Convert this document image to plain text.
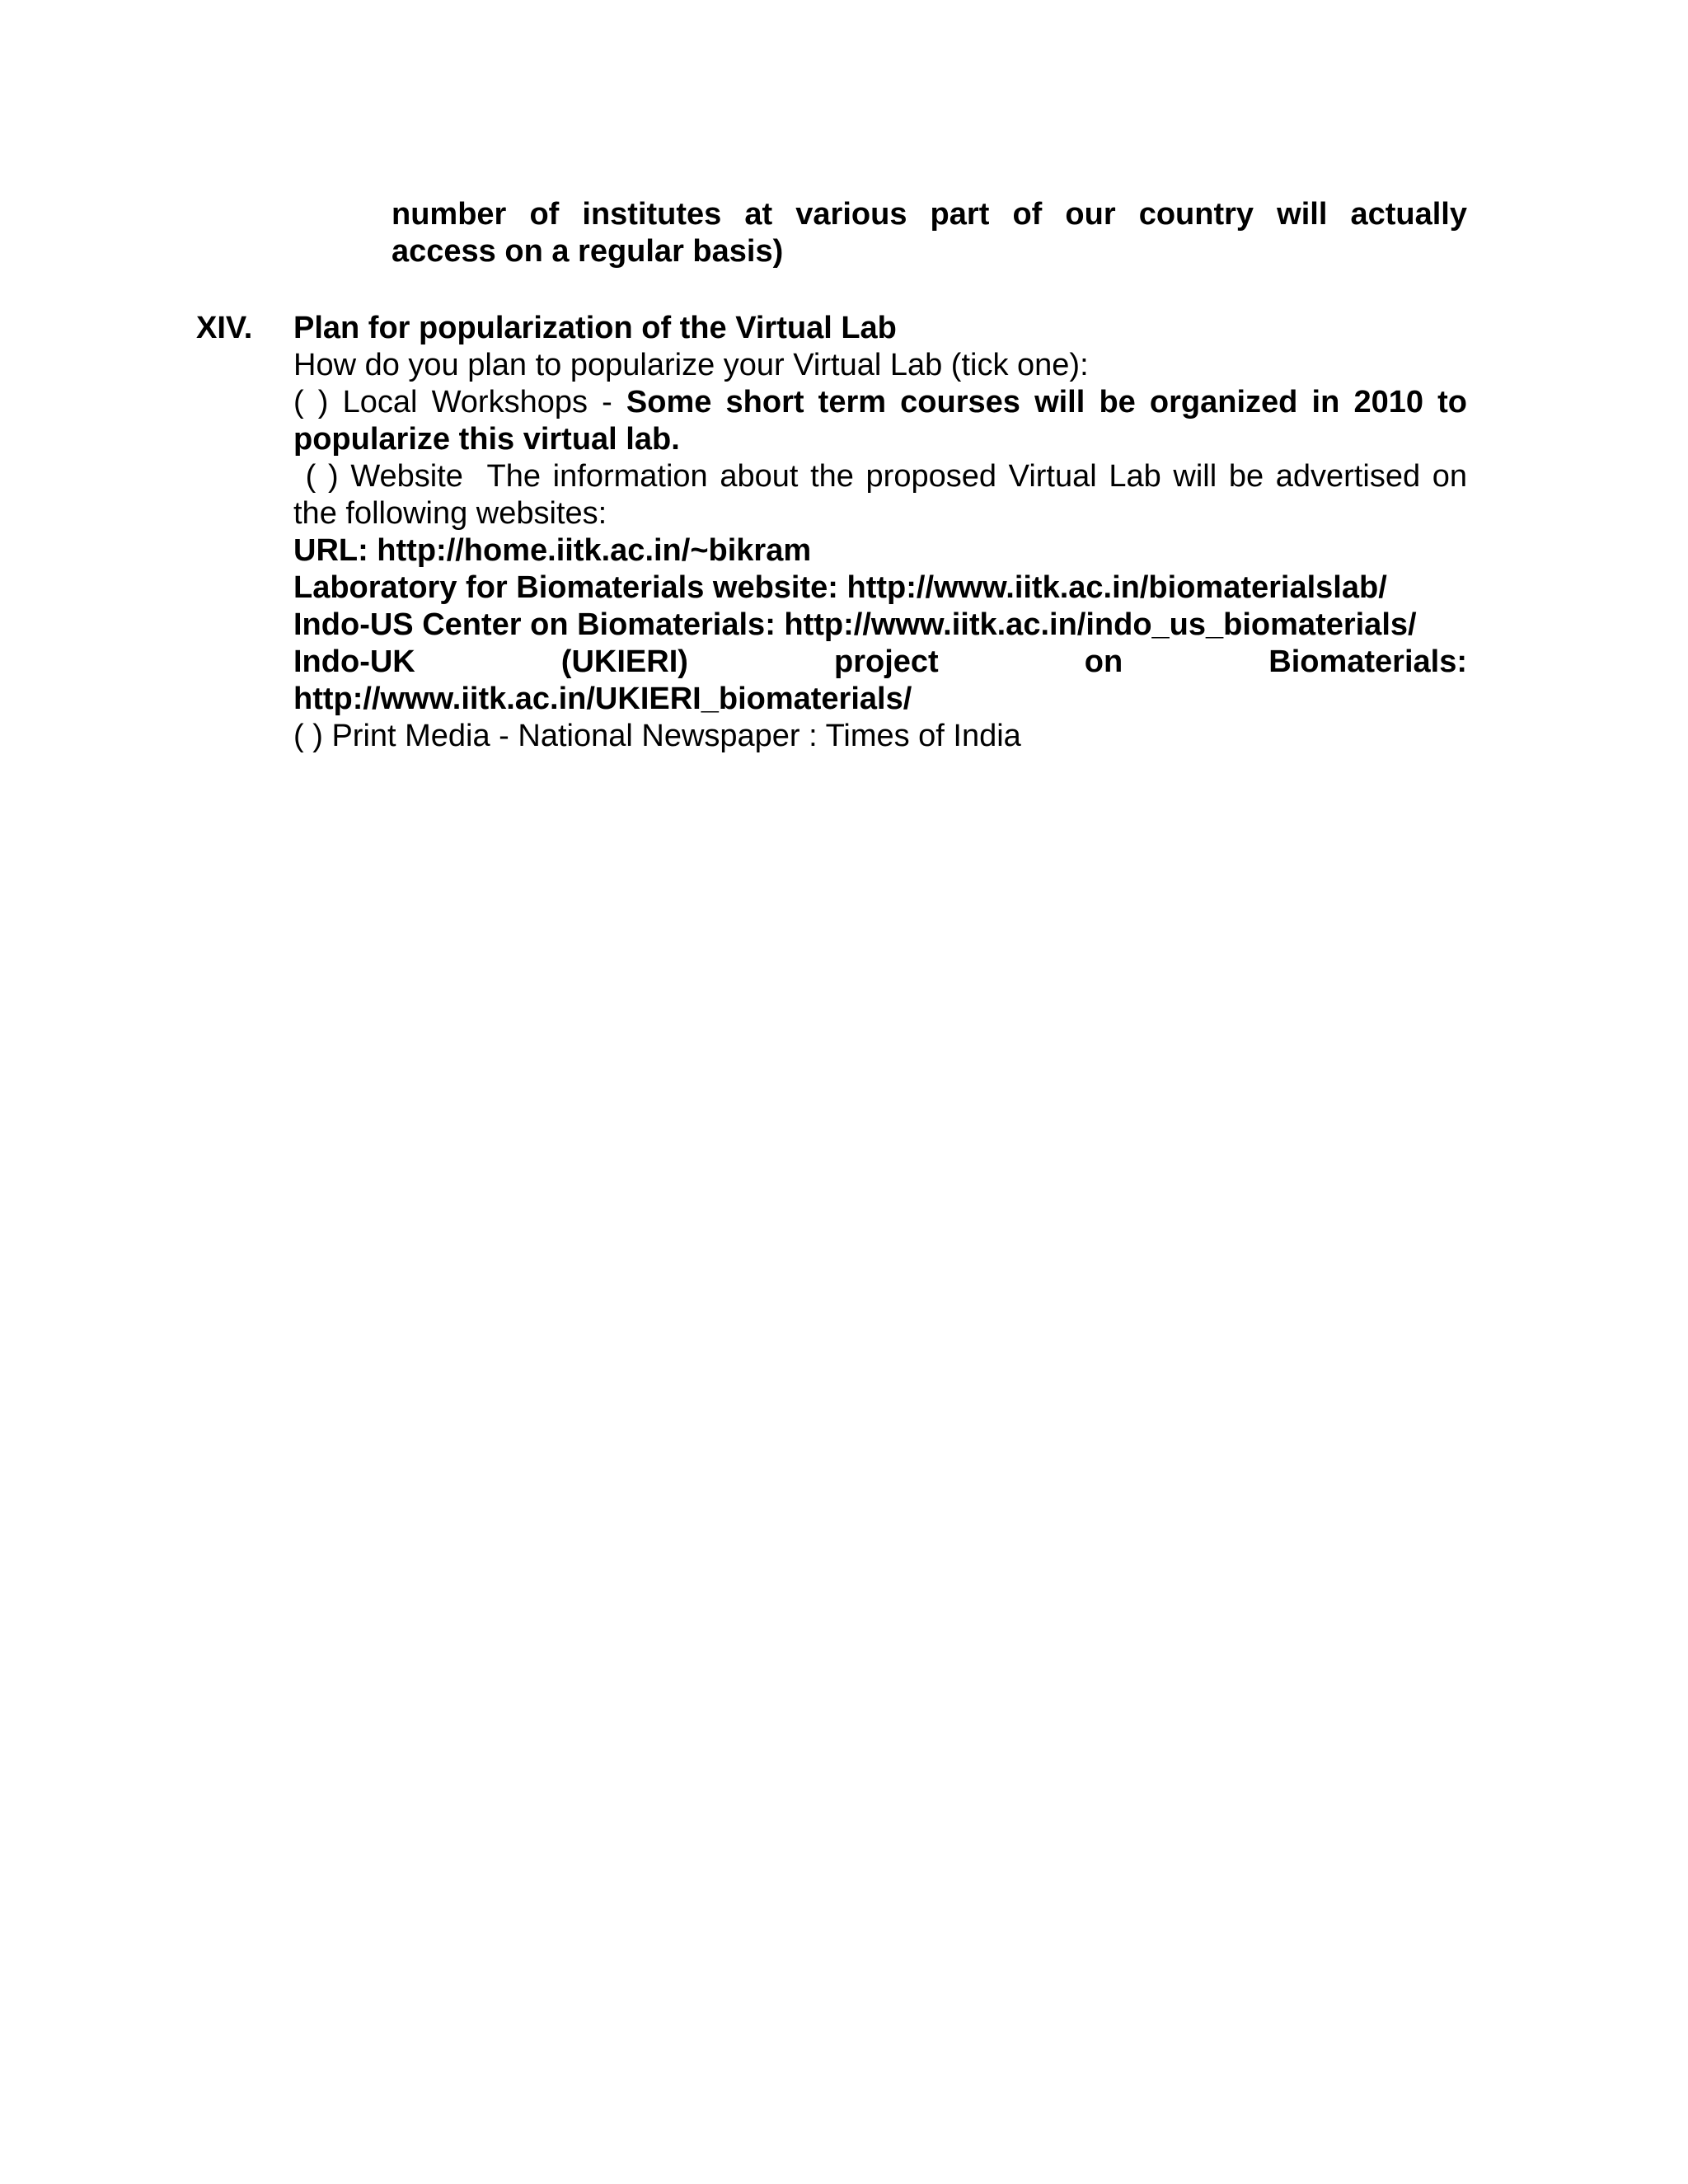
number of institutes at various part of our country will actually
access on a regular basis)
XIV. Plan for popularization of the Virtual Lab
How do you plan to popularize your Virtual Lab (tick one):
( ) Local Workshops - Some short term courses will be organized in 2010 to popularize this virtual lab.
( ) Website The information about the proposed Virtual Lab will be advertised on the following websites:
URL: http://home.iitk.ac.in/~bikram
Laboratory for Biomaterials website: http://www.iitk.ac.in/biomaterialslab/
Indo-US Center on Biomaterials: http://www.iitk.ac.in/indo_us_biomaterials/
Indo-UK (UKIERI) project on Biomaterials:
http://www.iitk.ac.in/UKIERI_biomaterials/
( ) Print Media - National Newspaper : Times of India
